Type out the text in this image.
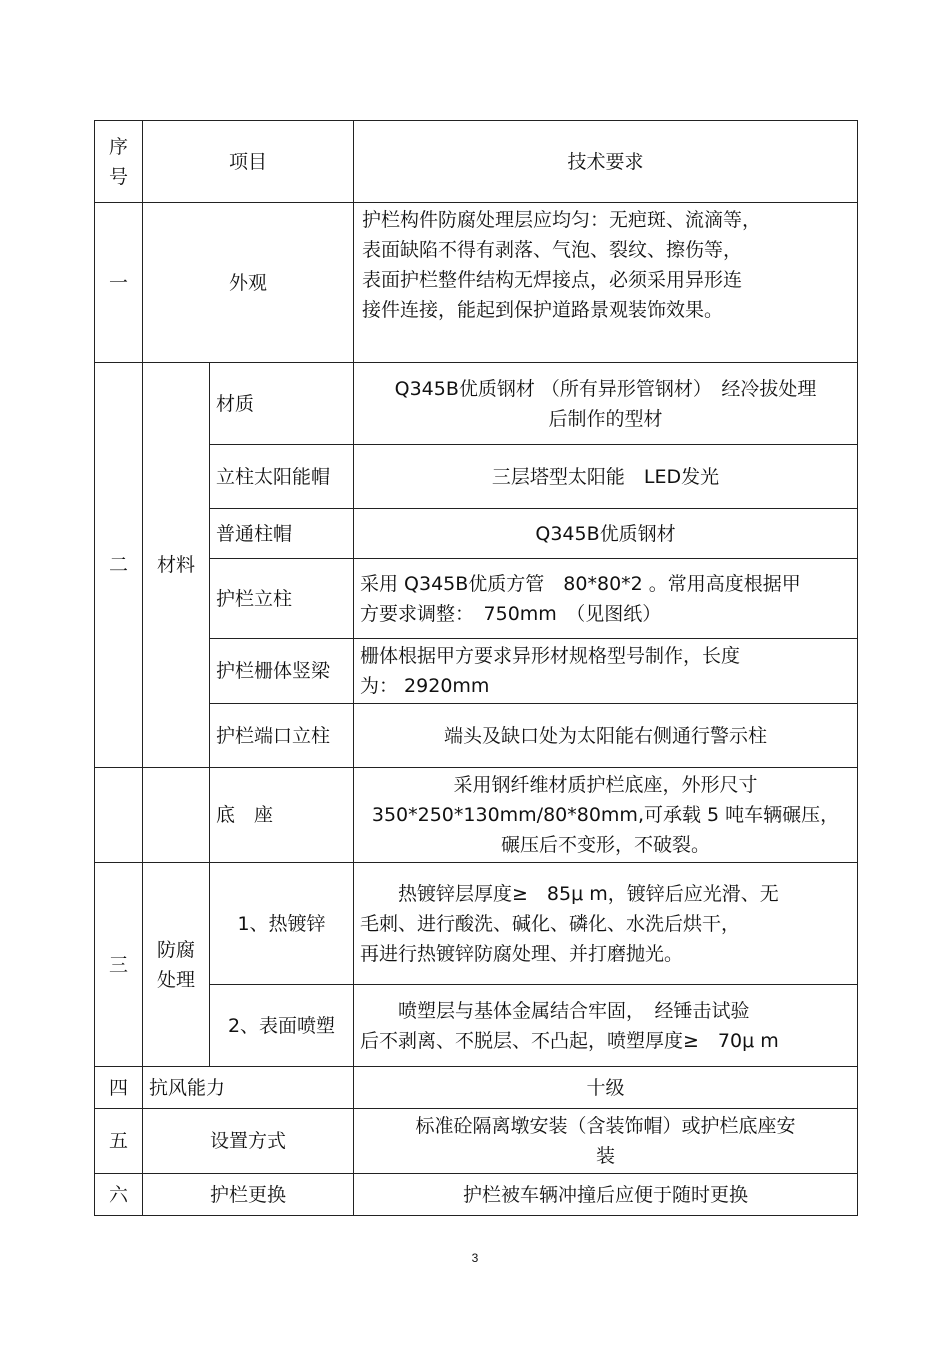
序号	项目		技术要求
一	外观		护栏构件防腐处理层应均匀：无疤斑、流滴等，
表面缺陷不得有剥落、气泡、裂纹、擦伤等，
表面护栏整件结构无焊接点，必须采用异形连
接件连接，能起到保护道路景观装饰效果。

二	材料	材质	Q345B优质钢材 （所有异形管钢材）　经冷拔处理
后制作的型材

		立柱太阳能帽	三层塔型太阳能　LED发光
		普通柱帽	Q345B优质钢材
		护栏立柱	采用 Q345B优质方管　80*80*2 。常用高度根据甲
方要求调整：　750mm　（见图纸）

		护栏栅体竖梁	栅体根据甲方要求异形材规格型号制作，长度
为： 2920mm

		护栏端口立柱	端头及缺口处为太阳能右侧通行警示柱
		底　座	采用钢纤维材质护栏底座，外形尺寸
350*250*130mm/80*80mm,可承载 5 吨车辆碾压，
碾压后不变形，不破裂。

三	防腐处理	1、热镀锌	热镀锌层厚度≥　85μ m，镀锌后应光滑、无
毛刺、进行酸洗、碱化、磷化、水洗后烘干，
再进行热镀锌防腐处理、并打磨抛光。

		2、表面喷塑	喷塑层与基体金属结合牢固，　经锤击试验
后不剥离、不脱层、不凸起，喷塑厚度≥　70μ m

四	抗风能力		十级
五	设置方式		标准砼隔离墩安装（含装饰帽）或护栏底座安
装

六	护栏更换		护栏被车辆冲撞后应便于随时更换
3
